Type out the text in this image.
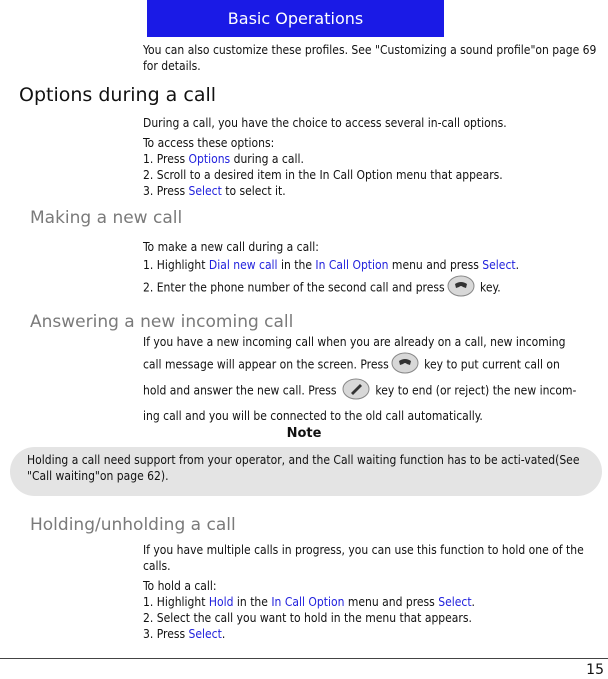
Basic Operations

You can also customize these profiles. See "Customizing a sound profile"on page 69 for details.

Options during a call

During a call, you have the choice to access several in-call options.

To access these options:

1. Press Options during a call.

2. Scroll to a desired item in the In Call Option menu that appears.

3. Press Select to select it.

Making a new call

To make a new call during a call:

1. Highlight Dial new call in the In Call Option menu and press Select.

2. Enter the phone number of the second call and press	key.

Answering a new incoming call

If you have a new incoming call when you are already on a call, new incoming

call message will appear on the screen. Press	key to put current call on

hold and answer the new call. Press	key to end (or reject) the new incom-

ing call and you will be connected to the old call automatically.

Note
Holding a call need support from your operator, and the Call waiting function has to be acti-vated(See "Call waiting"on page 62).
Holding/unholding a call

If you have multiple calls in progress, you can use this function to hold one of the calls.

To hold a call:

1. Highlight Hold in the In Call Option menu and press Select.

2. Select the call you want to hold in the menu that appears.

3. Press Select.

15
